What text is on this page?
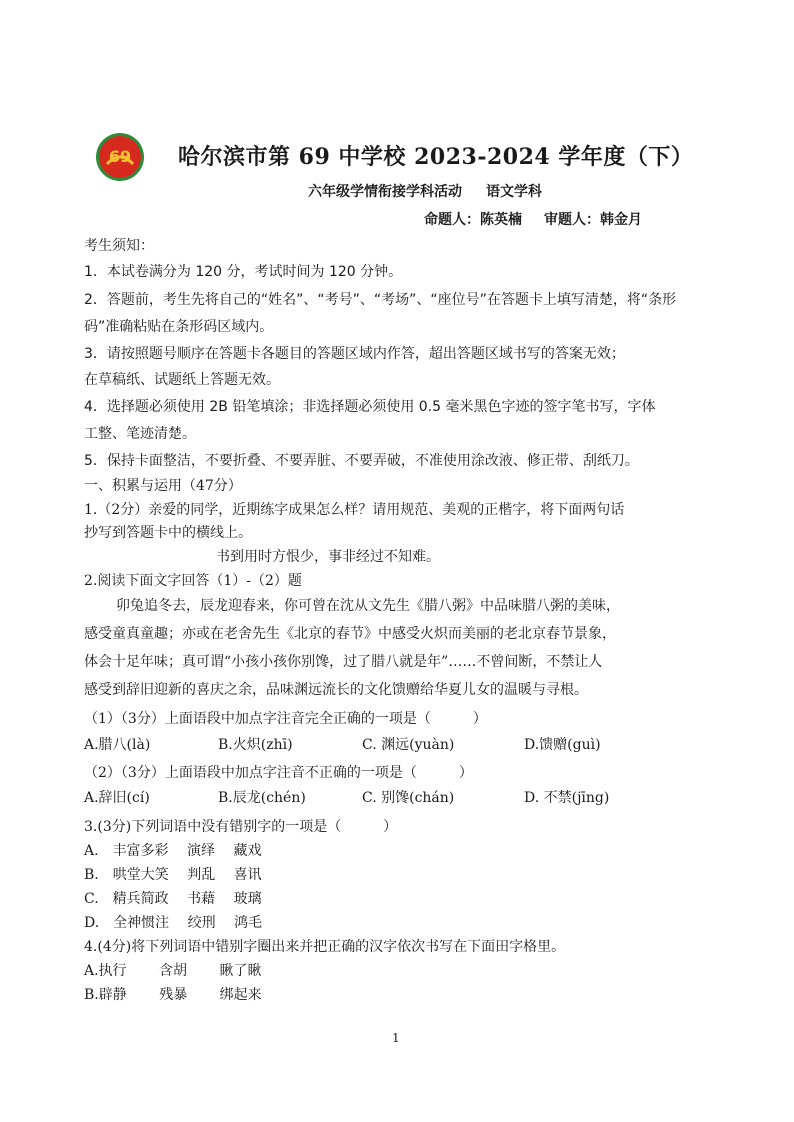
69 哈尔滨市第 69 中学校 2023-2024 学年度（下）
六年级学情衔接学科活动 语文学科
命题人：陈英楠 审题人：韩金月
考生须知：
1．本试卷满分为 120 分，考试时间为 120 分钟。
2．答题前，考生先将自己的“姓名”、“考号”、“考场”、“座位号”在答题卡上填写清楚，将“条形
码”准确粘贴在条形码区域内。
3．请按照题号顺序在答题卡各题目的答题区域内作答，超出答题区域书写的答案无效；
在草稿纸、试题纸上答题无效。
4．选择题必须使用 2B 铅笔填涂；非选择题必须使用 0.5 毫米黑色字迹的签字笔书写，字体
工整、笔迹清楚。
5．保持卡面整洁，不要折叠、不要弄脏、不要弄破，不准使用涂改液、修正带、刮纸刀。
一、积累与运用（47分）
1.（2分）亲爱的同学，近期练字成果怎么样？请用规范、美观的正楷字，将下面两句话
抄写到答题卡中的横线上。
书到用时方恨少，事非经过不知难。
2.阅读下面文字回答（1）-（2）题
卯兔追冬去，辰龙迎春来，你可曾在沈从文先生《腊八粥》中品味腊八粥的美味，
感受童真童趣；亦或在老舍先生《北京的春节》中感受火炽而美丽的老北京春节景象，
体会十足年味；真可谓“小孩小孩你别馋，过了腊八就是年”……不曾间断，不禁让人
感受到辞旧迎新的喜庆之余，品味渊远流长的文化馈赠给华夏儿女的温暖与寻根。
（1）（3分）上面语段中加点字注音完全正确的一项是（　　　）
A.腊八(là)	B.火炽(zhī)	C. 渊远(yuàn)	D.馈赠(guì)
（2）（3分）上面语段中加点字注音不正确的一项是（　　　）
A.辞旧(cí)	B.辰龙(chén)	C. 别馋(chán)	D. 不禁(jīng)
3.(3分)下列词语中没有错别字的一项是（　　　）
A.　丰富多彩　 演绎　 藏戏
B.　哄堂大笑　 判乱　 喜讯
C.　精兵简政　 书藉　 玻璃
D.　全神惯注　 绞刑　 鸿毛
4.(4分)将下列词语中错别字圈出来并把正确的汉字依次书写在下面田字格里。
A.执行　　 含胡　　 瞅了瞅
B.辟静　　 残暴　　 绑起来
1
